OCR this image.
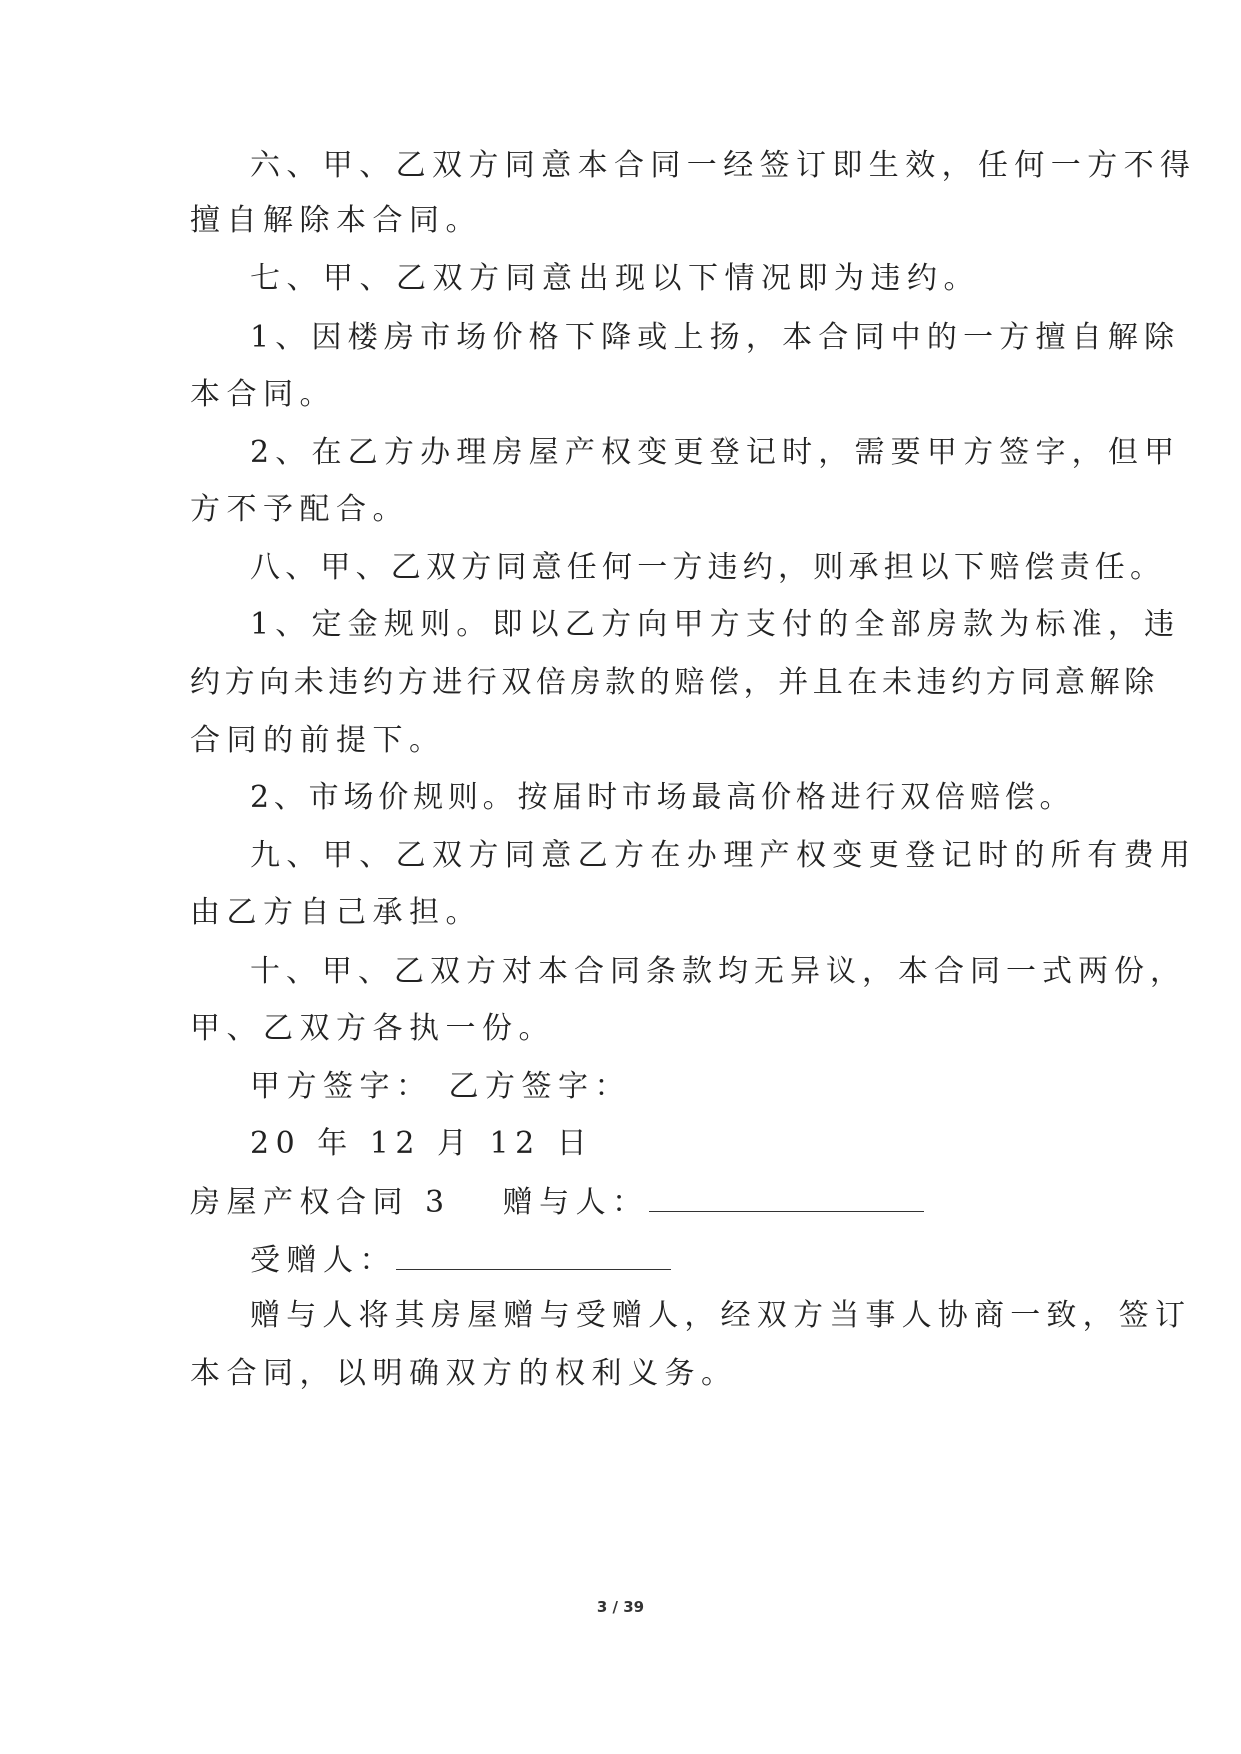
六、甲、乙双方同意本合同一经签订即生效，任何一方不得
擅自解除本合同。
七、甲、乙双方同意出现以下情况即为违约。
1、因楼房市场价格下降或上扬，本合同中的一方擅自解除
本合同。
2、在乙方办理房屋产权变更登记时，需要甲方签字，但甲
方不予配合。
八、甲、乙双方同意任何一方违约，则承担以下赔偿责任。
1、定金规则。即以乙方向甲方支付的全部房款为标准，违
约方向未违约方进行双倍房款的赔偿，并且在未违约方同意解除
合同的前提下。
2、市场价规则。按届时市场最高价格进行双倍赔偿。
九、甲、乙双方同意乙方在办理产权变更登记时的所有费用
由乙方自己承担。
十、甲、乙双方对本合同条款均无异议，本合同一式两份，
甲、乙双方各执一份。
甲方签字： 乙方签字：
20 年 12 月 12 日
房屋产权合同 3 赠与人：
受赠人：
赠与人将其房屋赠与受赠人，经双方当事人协商一致，签订
本合同，以明确双方的权利义务。
3 / 39
